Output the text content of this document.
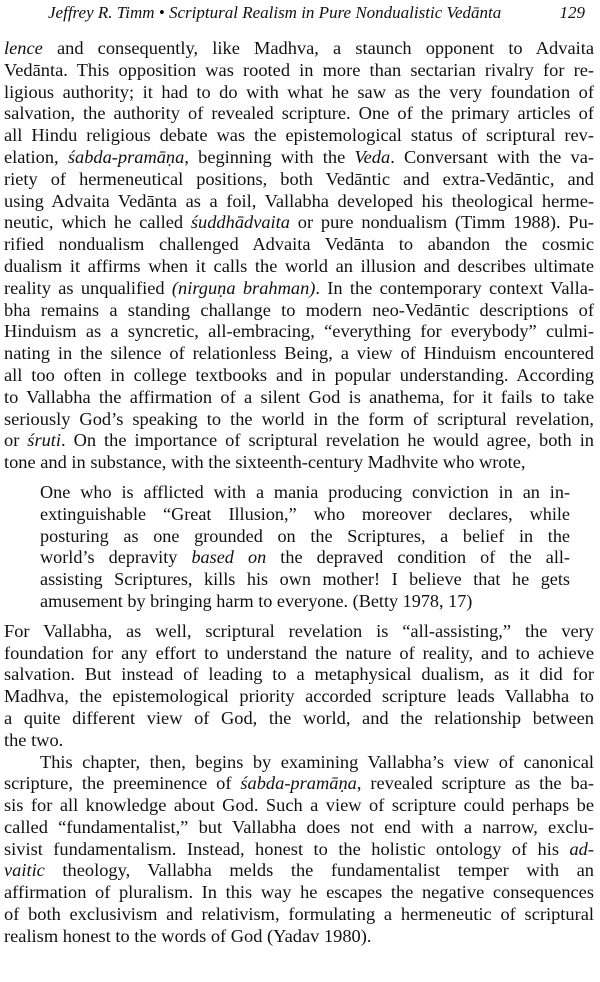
Jeffrey R. Timm • Scriptural Realism in Pure Nondualistic Vedānta	129
lence and consequently, like Madhva, a staunch opponent to Advaita
Vedānta. This opposition was rooted in more than sectarian rivalry for re-
ligious authority; it had to do with what he saw as the very foundation of
salvation, the authority of revealed scripture. One of the primary articles of
all Hindu religious debate was the epistemological status of scriptural rev-
elation, śabda-pramāṇa, beginning with the Veda. Conversant with the va-
riety of hermeneutical positions, both Vedāntic and extra-Vedāntic, and
using Advaita Vedānta as a foil, Vallabha developed his theological herme-
neutic, which he called śuddhādvaita or pure nondualism (Timm 1988). Pu-
rified nondualism challenged Advaita Vedānta to abandon the cosmic
dualism it affirms when it calls the world an illusion and describes ultimate
reality as unqualified (nirguṇa brahman). In the contemporary context Valla-
bha remains a standing challange to modern neo-Vedāntic descriptions of
Hinduism as a syncretic, all-embracing, “everything for everybody” culmi-
nating in the silence of relationless Being, a view of Hinduism encountered
all too often in college textbooks and in popular understanding. According
to Vallabha the affirmation of a silent God is anathema, for it fails to take
seriously God’s speaking to the world in the form of scriptural revelation,
or śruti. On the importance of scriptural revelation he would agree, both in
tone and in substance, with the sixteenth-century Madhvite who wrote,
One who is afflicted with a mania producing conviction in an in-
extinguishable “Great Illusion,” who moreover declares, while
posturing as one grounded on the Scriptures, a belief in the
world’s depravity based on the depraved condition of the all-
assisting Scriptures, kills his own mother! I believe that he gets
amusement by bringing harm to everyone. (Betty 1978, 17)
For Vallabha, as well, scriptural revelation is “all-assisting,” the very
foundation for any effort to understand the nature of reality, and to achieve
salvation. But instead of leading to a metaphysical dualism, as it did for
Madhva, the epistemological priority accorded scripture leads Vallabha to
a quite different view of God, the world, and the relationship between
the two.
This chapter, then, begins by examining Vallabha’s view of canonical
scripture, the preeminence of śabda-pramāṇa, revealed scripture as the ba-
sis for all knowledge about God. Such a view of scripture could perhaps be
called “fundamentalist,” but Vallabha does not end with a narrow, exclu-
sivist fundamentalism. Instead, honest to the holistic ontology of his ad-
vaitic theology, Vallabha melds the fundamentalist temper with an
affirmation of pluralism. In this way he escapes the negative consequences
of both exclusivism and relativism, formulating a hermeneutic of scriptural
realism honest to the words of God (Yadav 1980).
